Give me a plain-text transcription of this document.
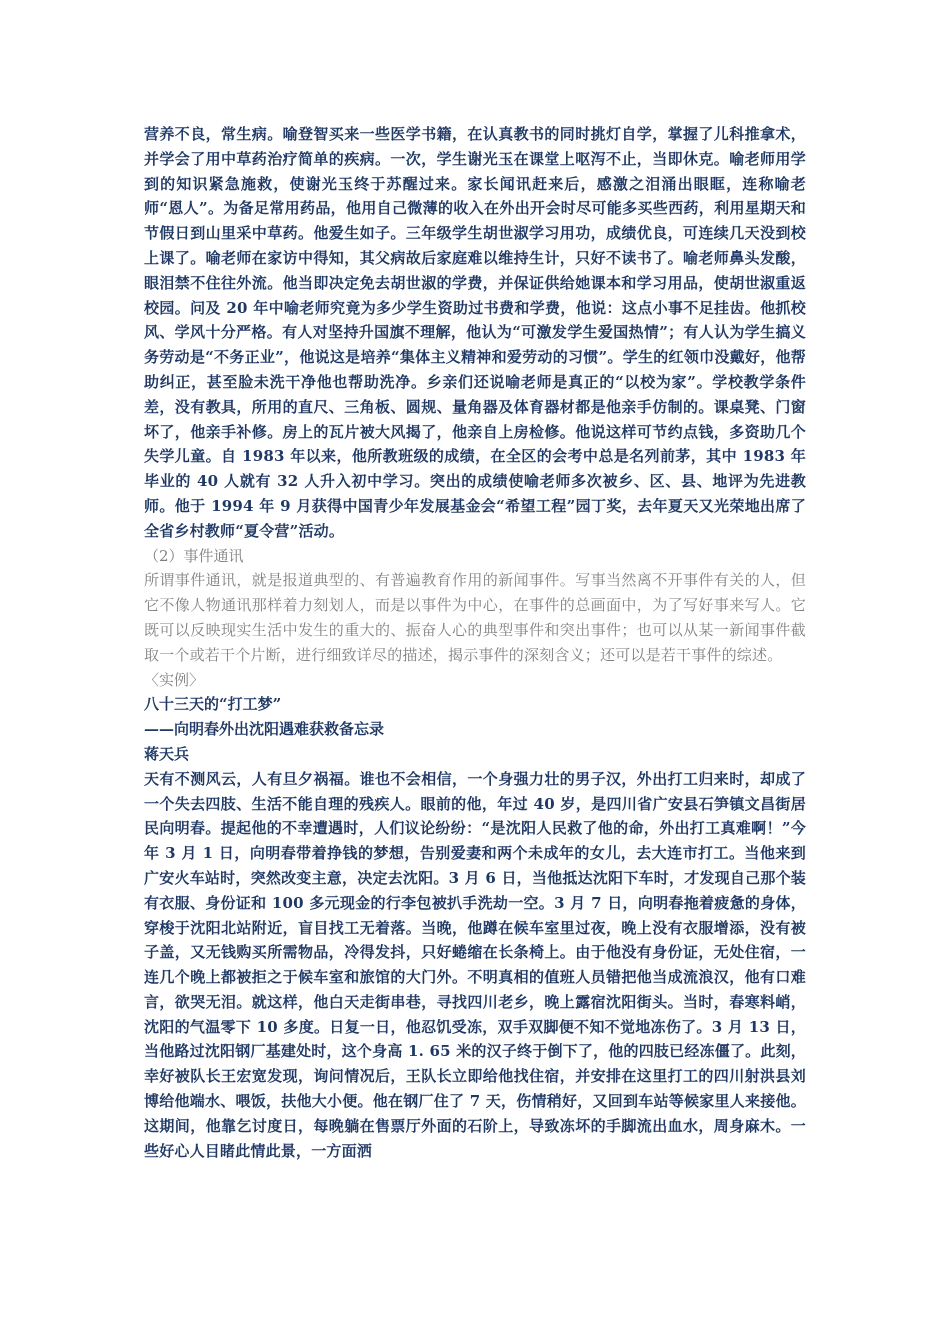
营养不良，常生病。喻登智买来一些医学书籍，在认真教书的同时挑灯自学，掌握了儿科推拿术，并学会了用中草药治疗简单的疾病。一次，学生谢光玉在课堂上呕泻不止，当即休克。喻老师用学到的知识紧急施救，使谢光玉终于苏醒过来。家长闻讯赶来后，感激之泪涌出眼眶，连称喻老师“恩人”。为备足常用药品，他用自己微薄的收入在外出开会时尽可能多买些西药，利用星期天和节假日到山里采中草药。他爱生如子。三年级学生胡世淑学习用功，成绩优良，可连续几天没到校上课了。喻老师在家访中得知，其父病故后家庭难以维持生计，只好不读书了。喻老师鼻头发酸，眼泪禁不住往外流。他当即决定免去胡世淑的学费，并保证供给她课本和学习用品，使胡世淑重返校园。问及 20 年中喻老师究竟为多少学生资助过书费和学费，他说：这点小事不足挂齿。他抓校风、学风十分严格。有人对坚持升国旗不理解，他认为“可激发学生爱国热情”；有人认为学生搞义务劳动是“不务正业”，他说这是培养“集体主义精神和爱劳动的习惯”。学生的红领巾没戴好，他帮助纠正，甚至脸未洗干净他也帮助洗净。乡亲们还说喻老师是真正的“以校为家”。学校教学条件差，没有教具，所用的直尺、三角板、圆规、量角器及体育器材都是他亲手仿制的。课桌凳、门窗坏了，他亲手补修。房上的瓦片被大风揭了，他亲自上房检修。他说这样可节约点钱，多资助几个失学儿童。自 1983 年以来，他所教班级的成绩，在全区的会考中总是名列前茅，其中 1983 年毕业的 40 人就有 32 人升入初中学习。突出的成绩使喻老师多次被乡、区、县、地评为先进教师。他于 1994 年 9 月获得中国青少年发展基金会“希望工程”园丁奖，去年夏天又光荣地出席了全省乡村教师“夏令营”活动。

（2）事件通讯

所谓事件通讯，就是报道典型的、有普遍教育作用的新闻事件。写事当然离不开事件有关的人，但它不像人物通讯那样着力刻划人，而是以事件为中心，在事件的总画面中，为了写好事来写人。它既可以反映现实生活中发生的重大的、振奋人心的典型事件和突出事件；也可以从某一新闻事件截取一个或若干个片断，进行细致详尽的描述，揭示事件的深刻含义；还可以是若干事件的综述。

〈实例〉

八十三天的“打工梦”

——向明春外出沈阳遇难获救备忘录

蒋天兵

天有不测风云，人有旦夕祸福。谁也不会相信，一个身强力壮的男子汉，外出打工归来时，却成了一个失去四肢、生活不能自理的残疾人。眼前的他，年过 40 岁，是四川省广安县石笋镇文昌街居民向明春。提起他的不幸遭遇时，人们议论纷纷：“是沈阳人民救了他的命，外出打工真难啊！”今年 3 月 1 日，向明春带着挣钱的梦想，告别爱妻和两个未成年的女儿，去大连市打工。当他来到广安火车站时，突然改变主意，决定去沈阳。3 月 6 日，当他抵达沈阳下车时，才发现自己那个装有衣服、身份证和 100 多元现金的行李包被扒手洗劫一空。3 月 7 日，向明春拖着疲惫的身体，穿梭于沈阳北站附近，盲目找工无着落。当晚，他蹲在候车室里过夜，晚上没有衣服增添，没有被子盖，又无钱购买所需物品，冷得发抖，只好蜷缩在长条椅上。由于他没有身份证，无处住宿，一连几个晚上都被拒之于候车室和旅馆的大门外。不明真相的值班人员错把他当成流浪汉，他有口难言，欲哭无泪。就这样，他白天走街串巷，寻找四川老乡，晚上露宿沈阳街头。当时，春寒料峭，沈阳的气温零下 10 多度。日复一日，他忍饥受冻，双手双脚便不知不觉地冻伤了。3 月 13 日，当他路过沈阳钢厂基建处时，这个身高 1. 65 米的汉子终于倒下了，他的四肢已经冻僵了。此刻，幸好被队长王宏宽发现，询问情况后，王队长立即给他找住宿，并安排在这里打工的四川射洪县刘博给他端水、喂饭，扶他大小便。他在钢厂住了 7 天，伤情稍好，又回到车站等候家里人来接他。这期间，他靠乞讨度日，每晚躺在售票厅外面的石阶上，导致冻坏的手脚流出血水，周身麻木。一些好心人目睹此情此景，一方面洒
